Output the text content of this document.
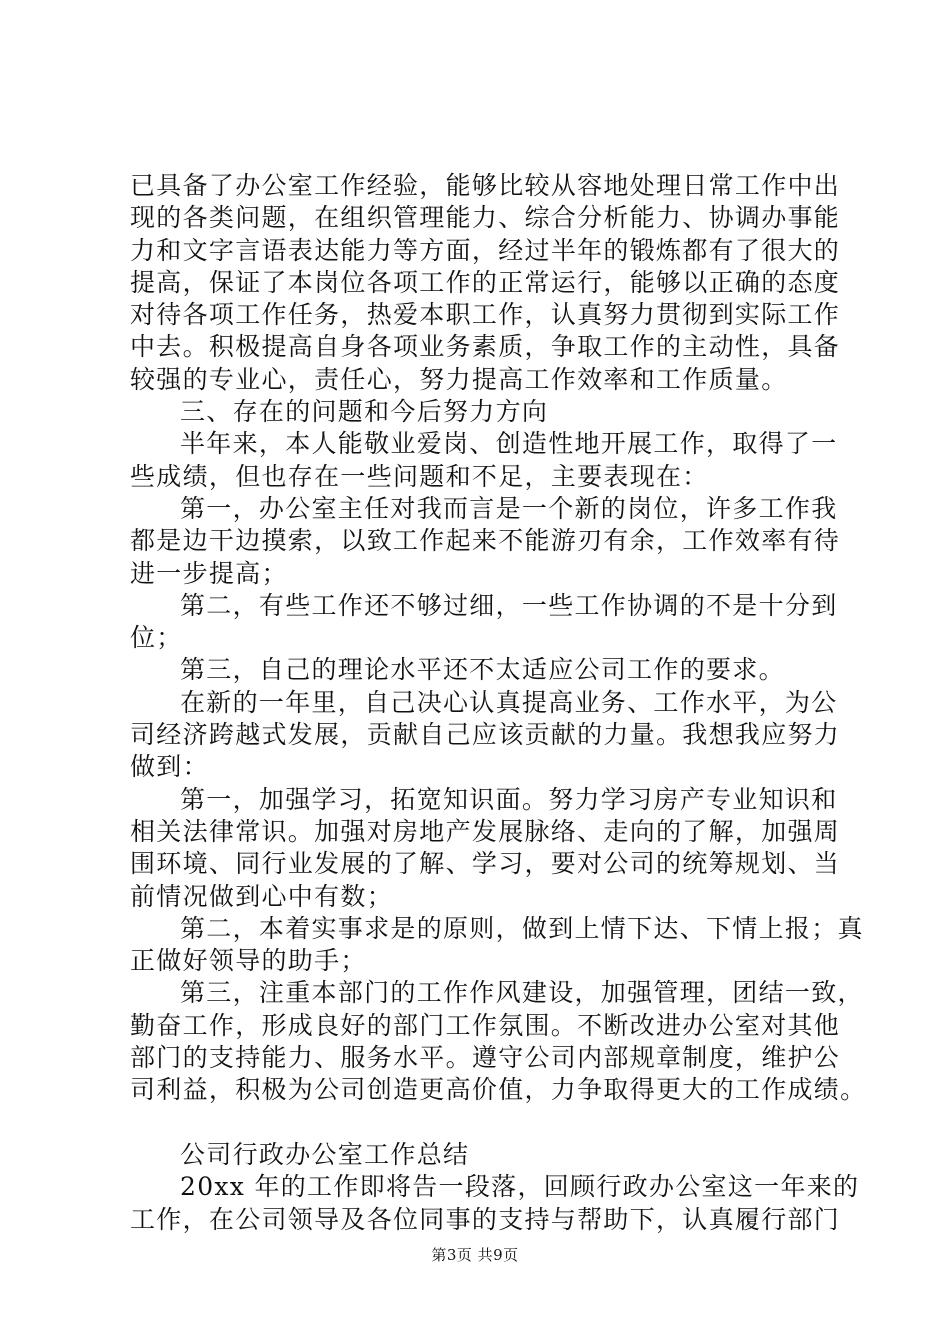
已具备了办公室工作经验，能够比较从容地处理日常工作中出
现的各类问题，在组织管理能力、综合分析能力、协调办事能
力和文字言语表达能力等方面，经过半年的锻炼都有了很大的
提高，保证了本岗位各项工作的正常运行，能够以正确的态度
对待各项工作任务，热爱本职工作，认真努力贯彻到实际工作
中去。积极提高自身各项业务素质，争取工作的主动性，具备
较强的专业心，责任心，努力提高工作效率和工作质量。
三、存在的问题和今后努力方向
半年来，本人能敬业爱岗、创造性地开展工作，取得了一
些成绩，但也存在一些问题和不足，主要表现在：
第一，办公室主任对我而言是一个新的岗位，许多工作我
都是边干边摸索，以致工作起来不能游刃有余，工作效率有待
进一步提高；
第二，有些工作还不够过细，一些工作协调的不是十分到
位；
第三，自己的理论水平还不太适应公司工作的要求。
在新的一年里，自己决心认真提高业务、工作水平，为公
司经济跨越式发展，贡献自己应该贡献的力量。我想我应努力
做到：
第一，加强学习，拓宽知识面。努力学习房产专业知识和
相关法律常识。加强对房地产发展脉络、走向的了解，加强周
围环境、同行业发展的了解、学习，要对公司的统筹规划、当
前情况做到心中有数；
第二，本着实事求是的原则，做到上情下达、下情上报；真
正做好领导的助手；
第三，注重本部门的工作作风建设，加强管理，团结一致，
勤奋工作，形成良好的部门工作氛围。不断改进办公室对其他
部门的支持能力、服务水平。遵守公司内部规章制度，维护公
司利益，积极为公司创造更高价值，力争取得更大的工作成绩。
公司行政办公室工作总结
20xx 年的工作即将告一段落，回顾行政办公室这一年来的
工作，在公司领导及各位同事的支持与帮助下，认真履行部门
第3页 共9页
